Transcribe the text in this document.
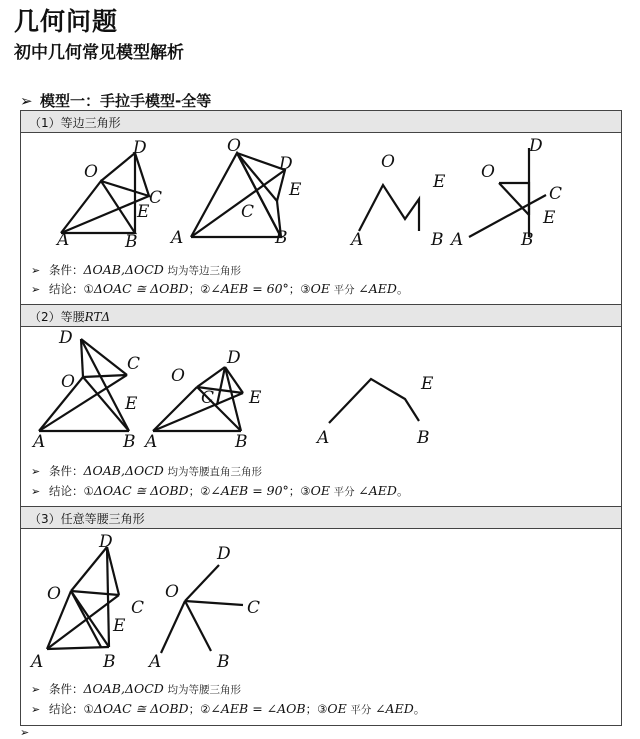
几何问题
初中几何常见模型解析
➢ 模型一：手拉手模型-全等
（1）等边三角形
D
O
C
E
A	B
O
D
E
C
A	B
O
E
A	B
D
O
C
E
A	B
➢ 条件：ΔOAB,ΔOCD 均为等边三角形
➢ 结论：①ΔOAC ≅ ΔOBD；②∠AEB = 60°；③OE 平分 ∠AED。
（2）等腰RTΔ
D
C
O
E
A	B
D
O
C E
A	B
E
A	B
➢ 条件：ΔOAB,ΔOCD 均为等腰直角三角形
➢ 结论：①ΔOAC ≅ ΔOBD；②∠AEB = 90°；③OE 平分 ∠AED。
（3）任意等腰三角形
D
O
C
E
A	B
D
O
C
A	B
➢ 条件：ΔOAB,ΔOCD 均为等腰三角形
➢ 结论：①ΔOAC ≅ ΔOBD；②∠AEB = ∠AOB；③OE 平分 ∠AED。
➢
